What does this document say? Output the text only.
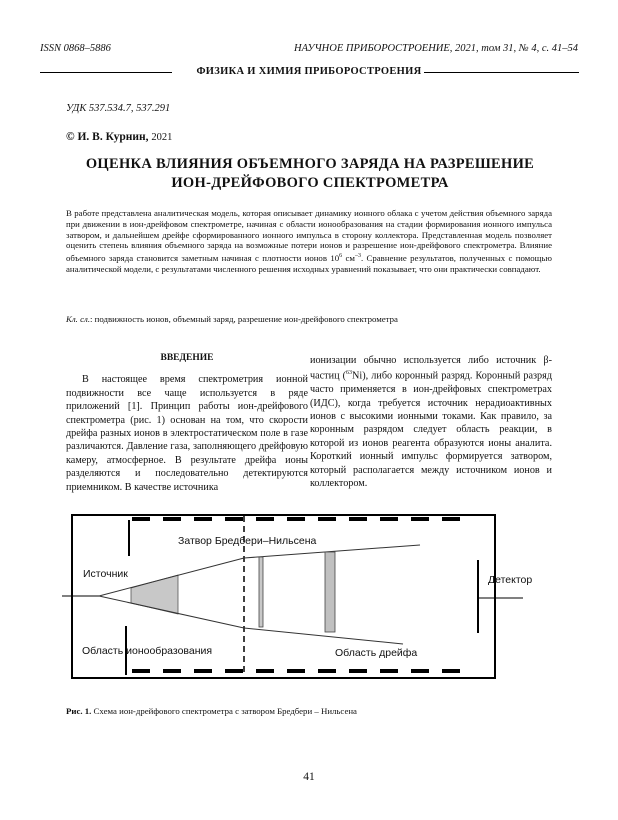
ISSN 0868–5886	НАУЧНОЕ ПРИБОРОСТРОЕНИЕ, 2021, том 31, № 4, c. 41–54
ФИЗИКА И ХИМИЯ ПРИБОРОСТРОЕНИЯ
УДК 537.534.7, 537.291
© И. В. Курнин, 2021
ОЦЕНКА ВЛИЯНИЯ ОБЪЕМНОГО ЗАРЯДА НА РАЗРЕШЕНИЕ
ИОН-ДРЕЙФОВОГО СПЕКТРОМЕТРА
В работе представлена аналитическая модель, которая описывает динамику ионного облака с учетом действия объемного заряда при движении в ион-дрейфовом спектрометре, начиная с области ионообразования на стадии формирования ионного импульса затвором, и дальнейшем дрейфе сформированного ионного импульса в сторону коллектора. Представленная модель позволяет оценить степень влияния объемного заряда на возможные потери ионов и разрешение ион-дрейфового спектрометра. Влияние объемного заряда становится заметным начиная с плотности ионов $10^6$ $см^{-3}$. Сравнение результатов, полученных с помощью аналитической модели, с результатами численного решения исходных уравнений показывает, что они практически совпадают.
Кл. сл.: подвижность ионов, объемный заряд, разрешение ион-дрейфового спектрометра
ВВЕДЕНИЕ

В настоящее время спектрометрия ионной подвижности все чаще используется в ряде приложений [1]. Принцип работы ион-дрейфового спектрометра (рис. 1) основан на том, что скорости дрейфа разных ионов в электростатическом поле в газе различаются. Давление газа, заполняющего дрейфовую камеру, атмосферное. В результате дрейфа ионы разделяются и последовательно детектируются приемником. В качестве источника

ионизации обычно используется либо источник β-частиц ($^{63}$Ni), либо коронный разряд. Коронный разряд часто применяется в ион-дрейфовых спектрометрах (ИДС), когда требуется источник нерадиоактивных ионов с высокими ионными токами. Как правило, за коронным разрядом следует область реакции, в которой из ионов реагента образуются ионы аналита. Короткий ионный импульс формируется затвором, который располагается между источником ионов и коллектором.

Затвор Бредбери–Нильсена
Источник	Детектор
Область ионообразования	Область дрейфа
Рис. 1. Схема ион-дрейфового спектрометра с затвором Бредбери – Нильсена
41
